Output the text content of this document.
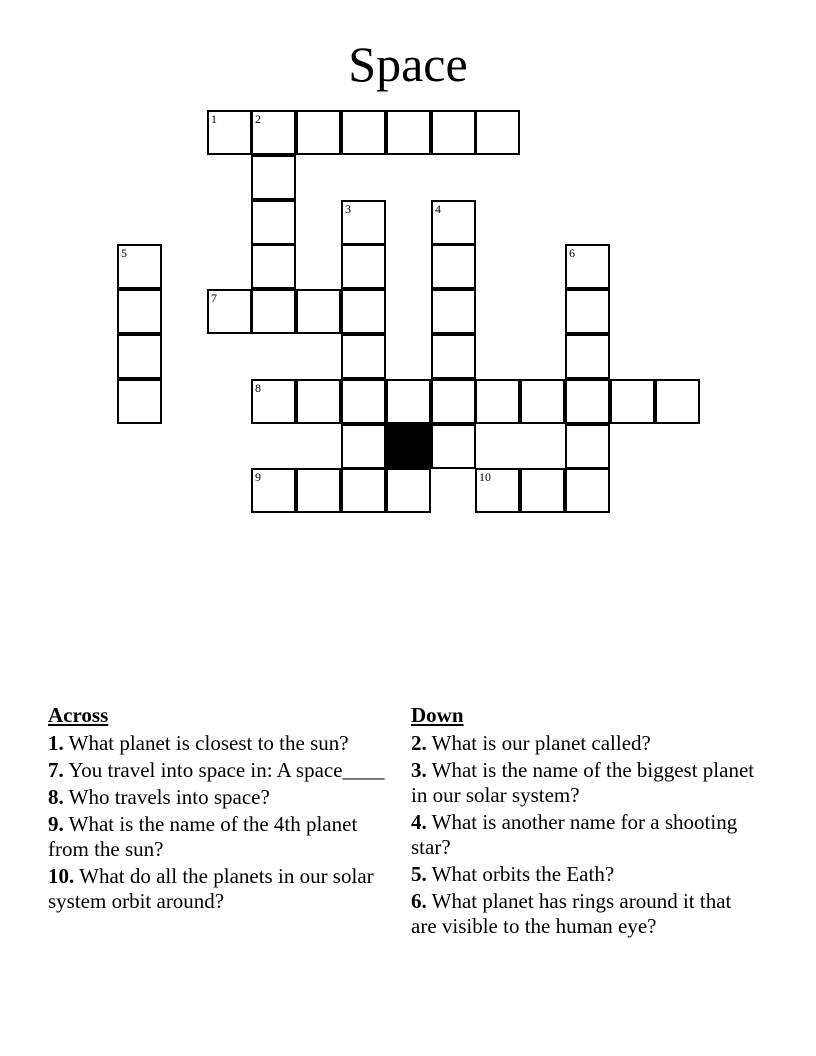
Space
1	2
3	4
5	6
7
8
9	10
Across
1. What planet is closest to the sun?
7. You travel into space in: A space____
8. Who travels into space?
9. What is the name of the 4th planet from the sun?
10. What do all the planets in our solar system orbit around?
Down
2. What is our planet called?
3. What is the name of the biggest planet in our solar system?
4. What is another name for a shooting star?
5. What orbits the Eath?
6. What planet has rings around it that are visible to the human eye?
